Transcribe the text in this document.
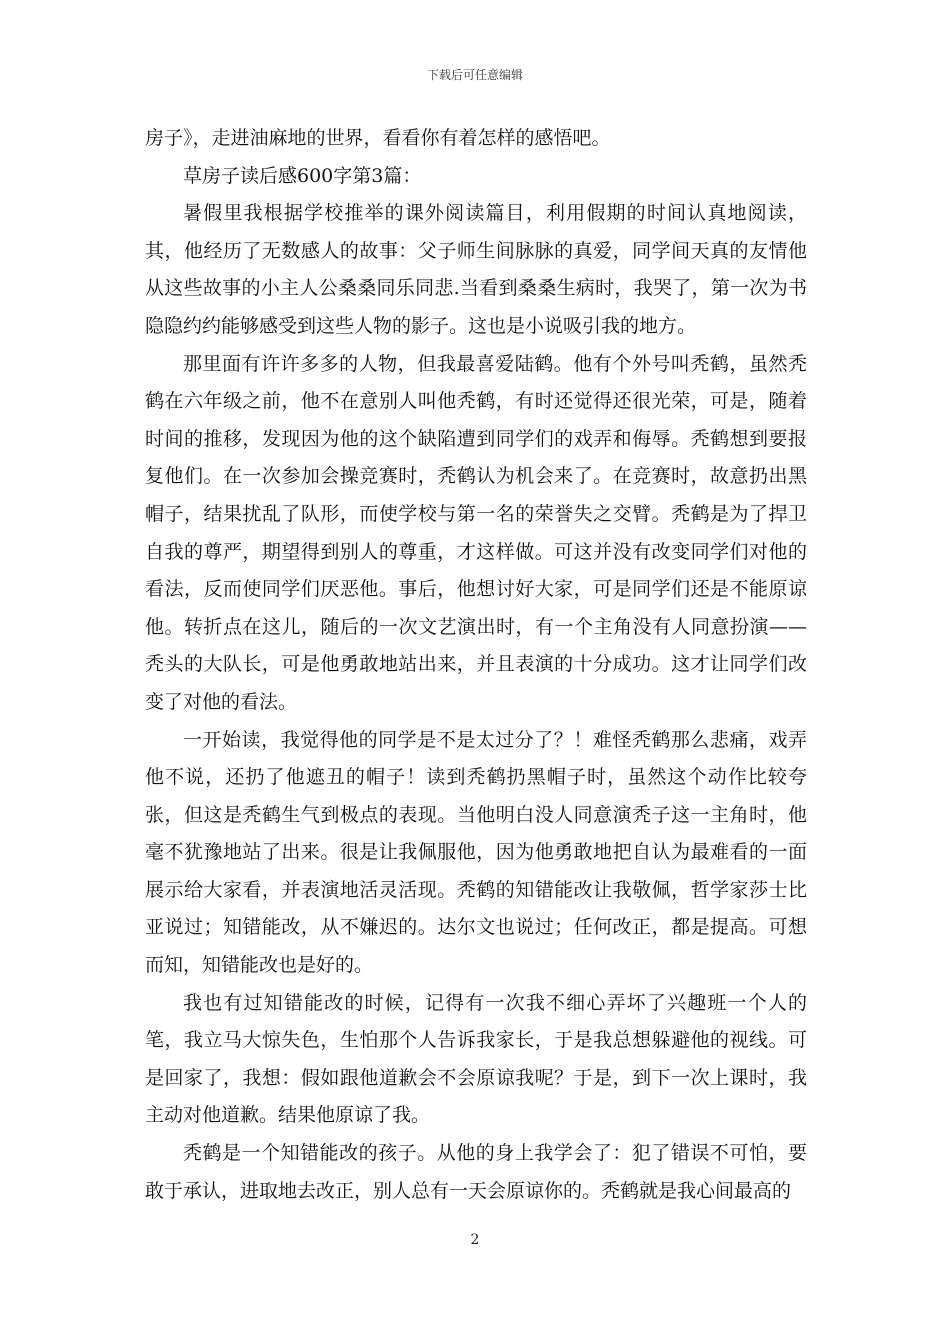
下载后可任意编辑

房子》，走进油麻地的世界，看看你有着怎样的感悟吧。

草房子读后感600字第3篇：

暑假里我根据学校推举的课外阅读篇目，利用假期的时间认真地阅读，其，他经历了无数感人的故事：父子师生间脉脉的真爱，同学间天真的友情他从这些故事的小主人公桑桑同乐同悲.当看到桑桑生病时，我哭了，第一次为书隐隐约约能够感受到这些人物的影子。这也是小说吸引我的地方。

那里面有许许多多的人物，但我最喜爱陆鹤。他有个外号叫秃鹤，虽然秃鹤在六年级之前，他不在意别人叫他秃鹤，有时还觉得还很光荣，可是，随着时间的推移，发现因为他的这个缺陷遭到同学们的戏弄和侮辱。秃鹤想到要报复他们。在一次参加会操竞赛时，秃鹤认为机会来了。在竞赛时，故意扔出黑帽子，结果扰乱了队形，而使学校与第一名的荣誉失之交臂。秃鹤是为了捍卫自我的尊严，期望得到别人的尊重，才这样做。可这并没有改变同学们对他的看法，反而使同学们厌恶他。事后，他想讨好大家，可是同学们还是不能原谅他。转折点在这儿，随后的一次文艺演出时，有一个主角没有人同意扮演——秃头的大队长，可是他勇敢地站出来，并且表演的十分成功。这才让同学们改变了对他的看法。

一开始读，我觉得他的同学是不是太过分了？！难怪秃鹤那么悲痛，戏弄他不说，还扔了他遮丑的帽子！读到秃鹤扔黑帽子时，虽然这个动作比较夸张，但这是秃鹤生气到极点的表现。当他明白没人同意演秃子这一主角时，他毫不犹豫地站了出来。很是让我佩服他，因为他勇敢地把自认为最难看的一面展示给大家看，并表演地活灵活现。秃鹤的知错能改让我敬佩，哲学家莎士比亚说过；知错能改，从不嫌迟的。达尔文也说过；任何改正，都是提高。可想而知，知错能改也是好的。

我也有过知错能改的时候，记得有一次我不细心弄坏了兴趣班一个人的笔，我立马大惊失色，生怕那个人告诉我家长，于是我总想躲避他的视线。可是回家了，我想：假如跟他道歉会不会原谅我呢？于是，到下一次上课时，我主动对他道歉。结果他原谅了我。

秃鹤是一个知错能改的孩子。从他的身上我学会了：犯了错误不可怕，要敢于承认，进取地去改正，别人总有一天会原谅你的。秃鹤就是我心间最高的

2
